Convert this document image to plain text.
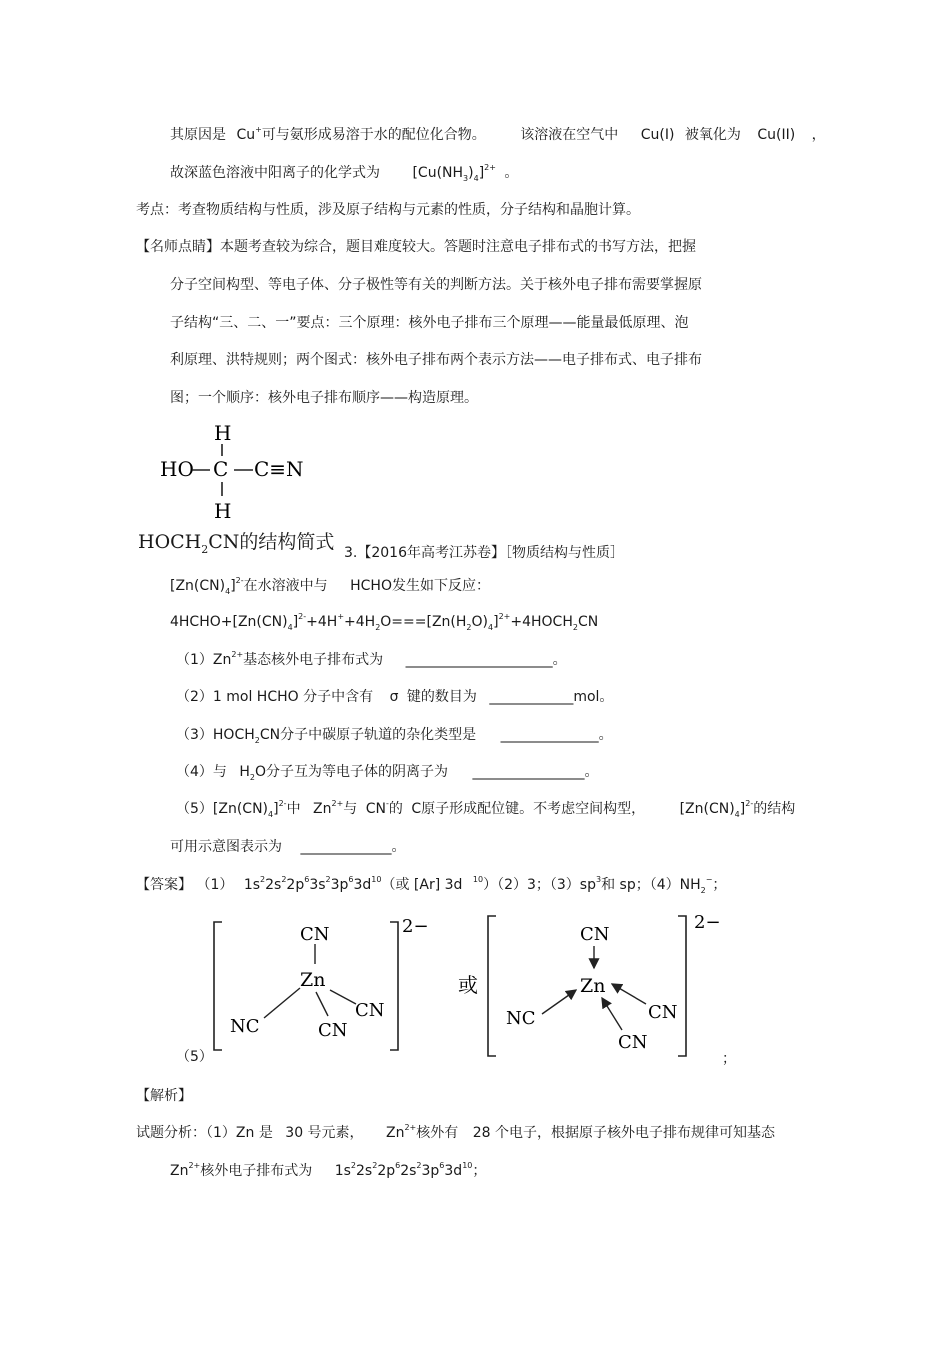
其原因是 Cu+可与氨形成易溶于水的配位化合物。 该溶液在空气中 Cu(I) 被氧化为 Cu(II) ，
故深蓝色溶液中阳离子的化学式为 $[Cu(NH_3)_4]^{2+}$ 。
考点：考查物质结构与性质，涉及原子结构与元素的性质，分子结构和晶胞计算。
【名师点睛】本题考查较为综合，题目难度较大。答题时注意电子排布式的书写方法，把握
分子空间构型、等电子体、分子极性等有关的判断方法。关于核外电子排布需要掌握原
子结构“三、二、一”要点：三个原理：核外电子排布三个原理——能量最低原理、泡
利原理、洪特规则；两个图式：核外电子排布两个表示方法——电子排布式、电子排布
图；一个顺序：核外电子排布顺序——构造原理。
H
HO C C≡N
H
$HOCH_2CN$的结构简式 3.【2016年高考江苏卷】［物质结构与性质］
$[Zn(CN)_4]^{2-}$在水溶液中与 HCHO发生如下反应：
$4HCHO+[Zn(CN)_4]^{2-}+4H^++4H_2O===[Zn(H_2O)_4]^{2+}+4HOCH_2CN$
$(1)Zn^{2+}$基态核外电子排布式为 _____________________。
（2）1 mol HCHO 分子中含有 σ 键的数目为 ____________mol。
$(3)HOCH_2CN$分子中碳原子轨道的杂化类型是 ______________。
（4）与 $H_2O$分子互为等电子体的阴离子为 ________________。
$(5)[Zn(CN)_4]^{2-}$中 $Zn^{2+}$与 CN-的 C原子形成配位键。不考虑空间构型， $[Zn(CN)_4]^{2-}$的结构
可用示意图表示为 _____________。
【答案】 （1） $1s^22s^22p^63s^23p^63d^{10}$（或 [Ar] 3d $^{10}$）（2）3；$(3)sp^3$和 sp；$(4)NH_2^-$；
2−
CN
Zn
NC
CN
CN
或
2−
CN
Zn
NC	CN
CN
（5）	；
【解析】
试题分析：（1）Zn 是 30 号元素， $Zn^{2+}$核外有 28 个电子，根据原子核外电子排布规律可知基态
$Zn^{2+}$核外电子排布式为 $1s^22s^22p^62s^23p^63d^{10}$；
